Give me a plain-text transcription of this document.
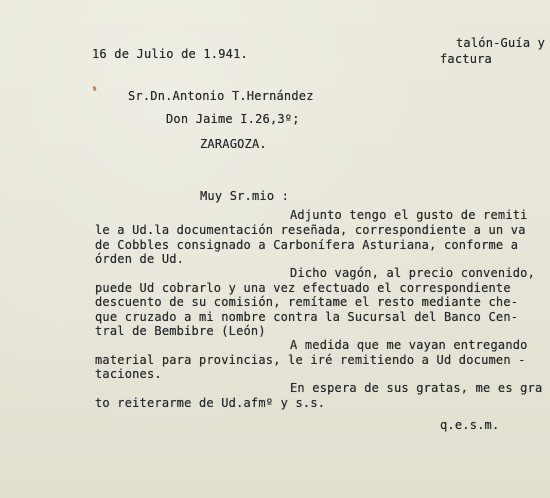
16 de Julio de 1.941.
talón-Guía y
factura
Sr.Dn.Antonio T.Hernández
Don Jaime I.26,3º;
ZARAGOZA.
Muy Sr.mio :
Adjunto tengo el gusto de remiti
le a Ud.la documentación reseñada, correspondiente a un va
de Cobbles consignado a Carbonífera Asturiana, conforme a
órden de Ud.
Dicho vagón, al precio convenido,
puede Ud cobrarlo y una vez efectuado el correspondiente
descuento de su comisión, remítame el resto mediante che-
que cruzado a mi nombre contra la Sucursal del Banco Cen-
tral de Bembibre (León)
A medida que me vayan entregando
material para provincias, le iré remitiendo a Ud documen -
taciones.
En espera de sus gratas, me es gra
to reiterarme de Ud.afmº y s.s.
q.e.s.m.
